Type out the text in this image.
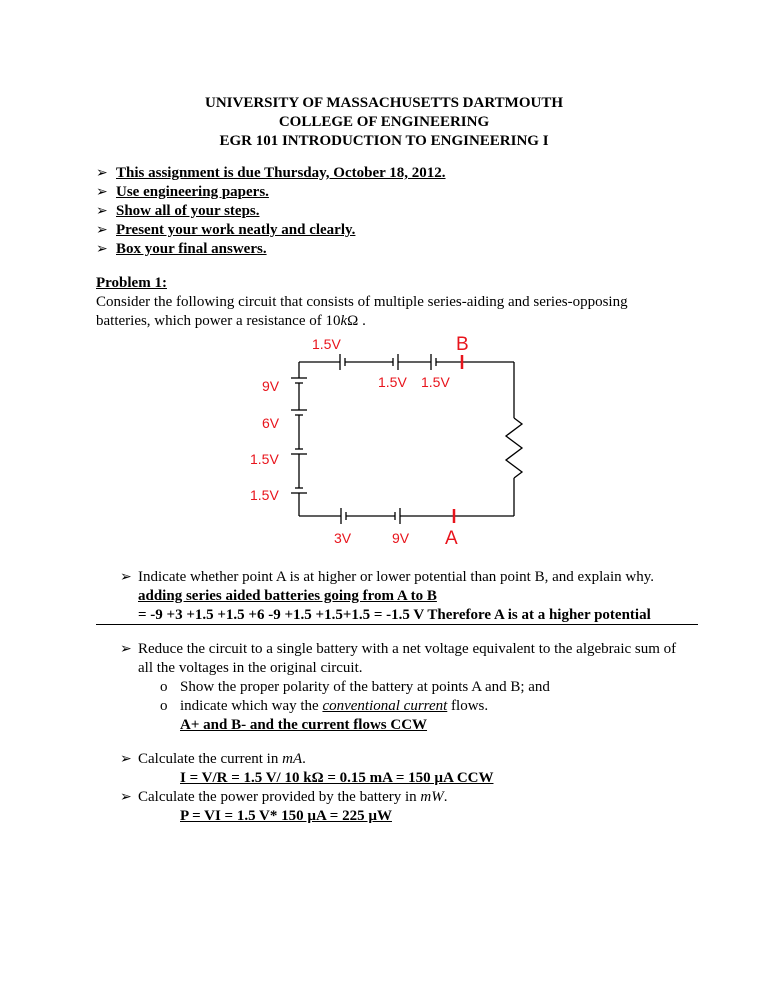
UNIVERSITY OF MASSACHUSETTS DARTMOUTH
COLLEGE OF ENGINEERING
EGR 101 INTRODUCTION TO ENGINEERING I
➢ This assignment is due Thursday, October 18, 2012.
➢ Use engineering papers.
➢ Show all of your steps.
➢ Present your work neatly and clearly.
➢ Box your final answers.
Problem 1:
Consider the following circuit that consists of multiple series-aiding and series-opposing
batteries, which power a resistance of 10kΩ .
1.5V
1.5V 1.5V
9V
6V
1.5V
1.5V
3V	9V
B
A
➢ Indicate whether point A is at higher or lower potential than point B, and explain why.
adding series aided batteries going from A to B
= -9 +3 +1.5 +1.5 +6 -9 +1.5 +1.5+1.5 = -1.5 V Therefore A is at a higher potential
➢ Reduce the circuit to a single battery with a net voltage equivalent to the algebraic sum of
all the voltages in the original circuit.
o Show the proper polarity of the battery at points A and B; and
o indicate which way the conventional current flows.
A+ and B- and the current flows CCW
➢ Calculate the current in mA.
I = V/R = 1.5 V/ 10 kΩ = 0.15 mA = 150 µA CCW
➢ Calculate the power provided by the battery in mW.
P = VI = 1.5 V* 150 µA = 225 µW
